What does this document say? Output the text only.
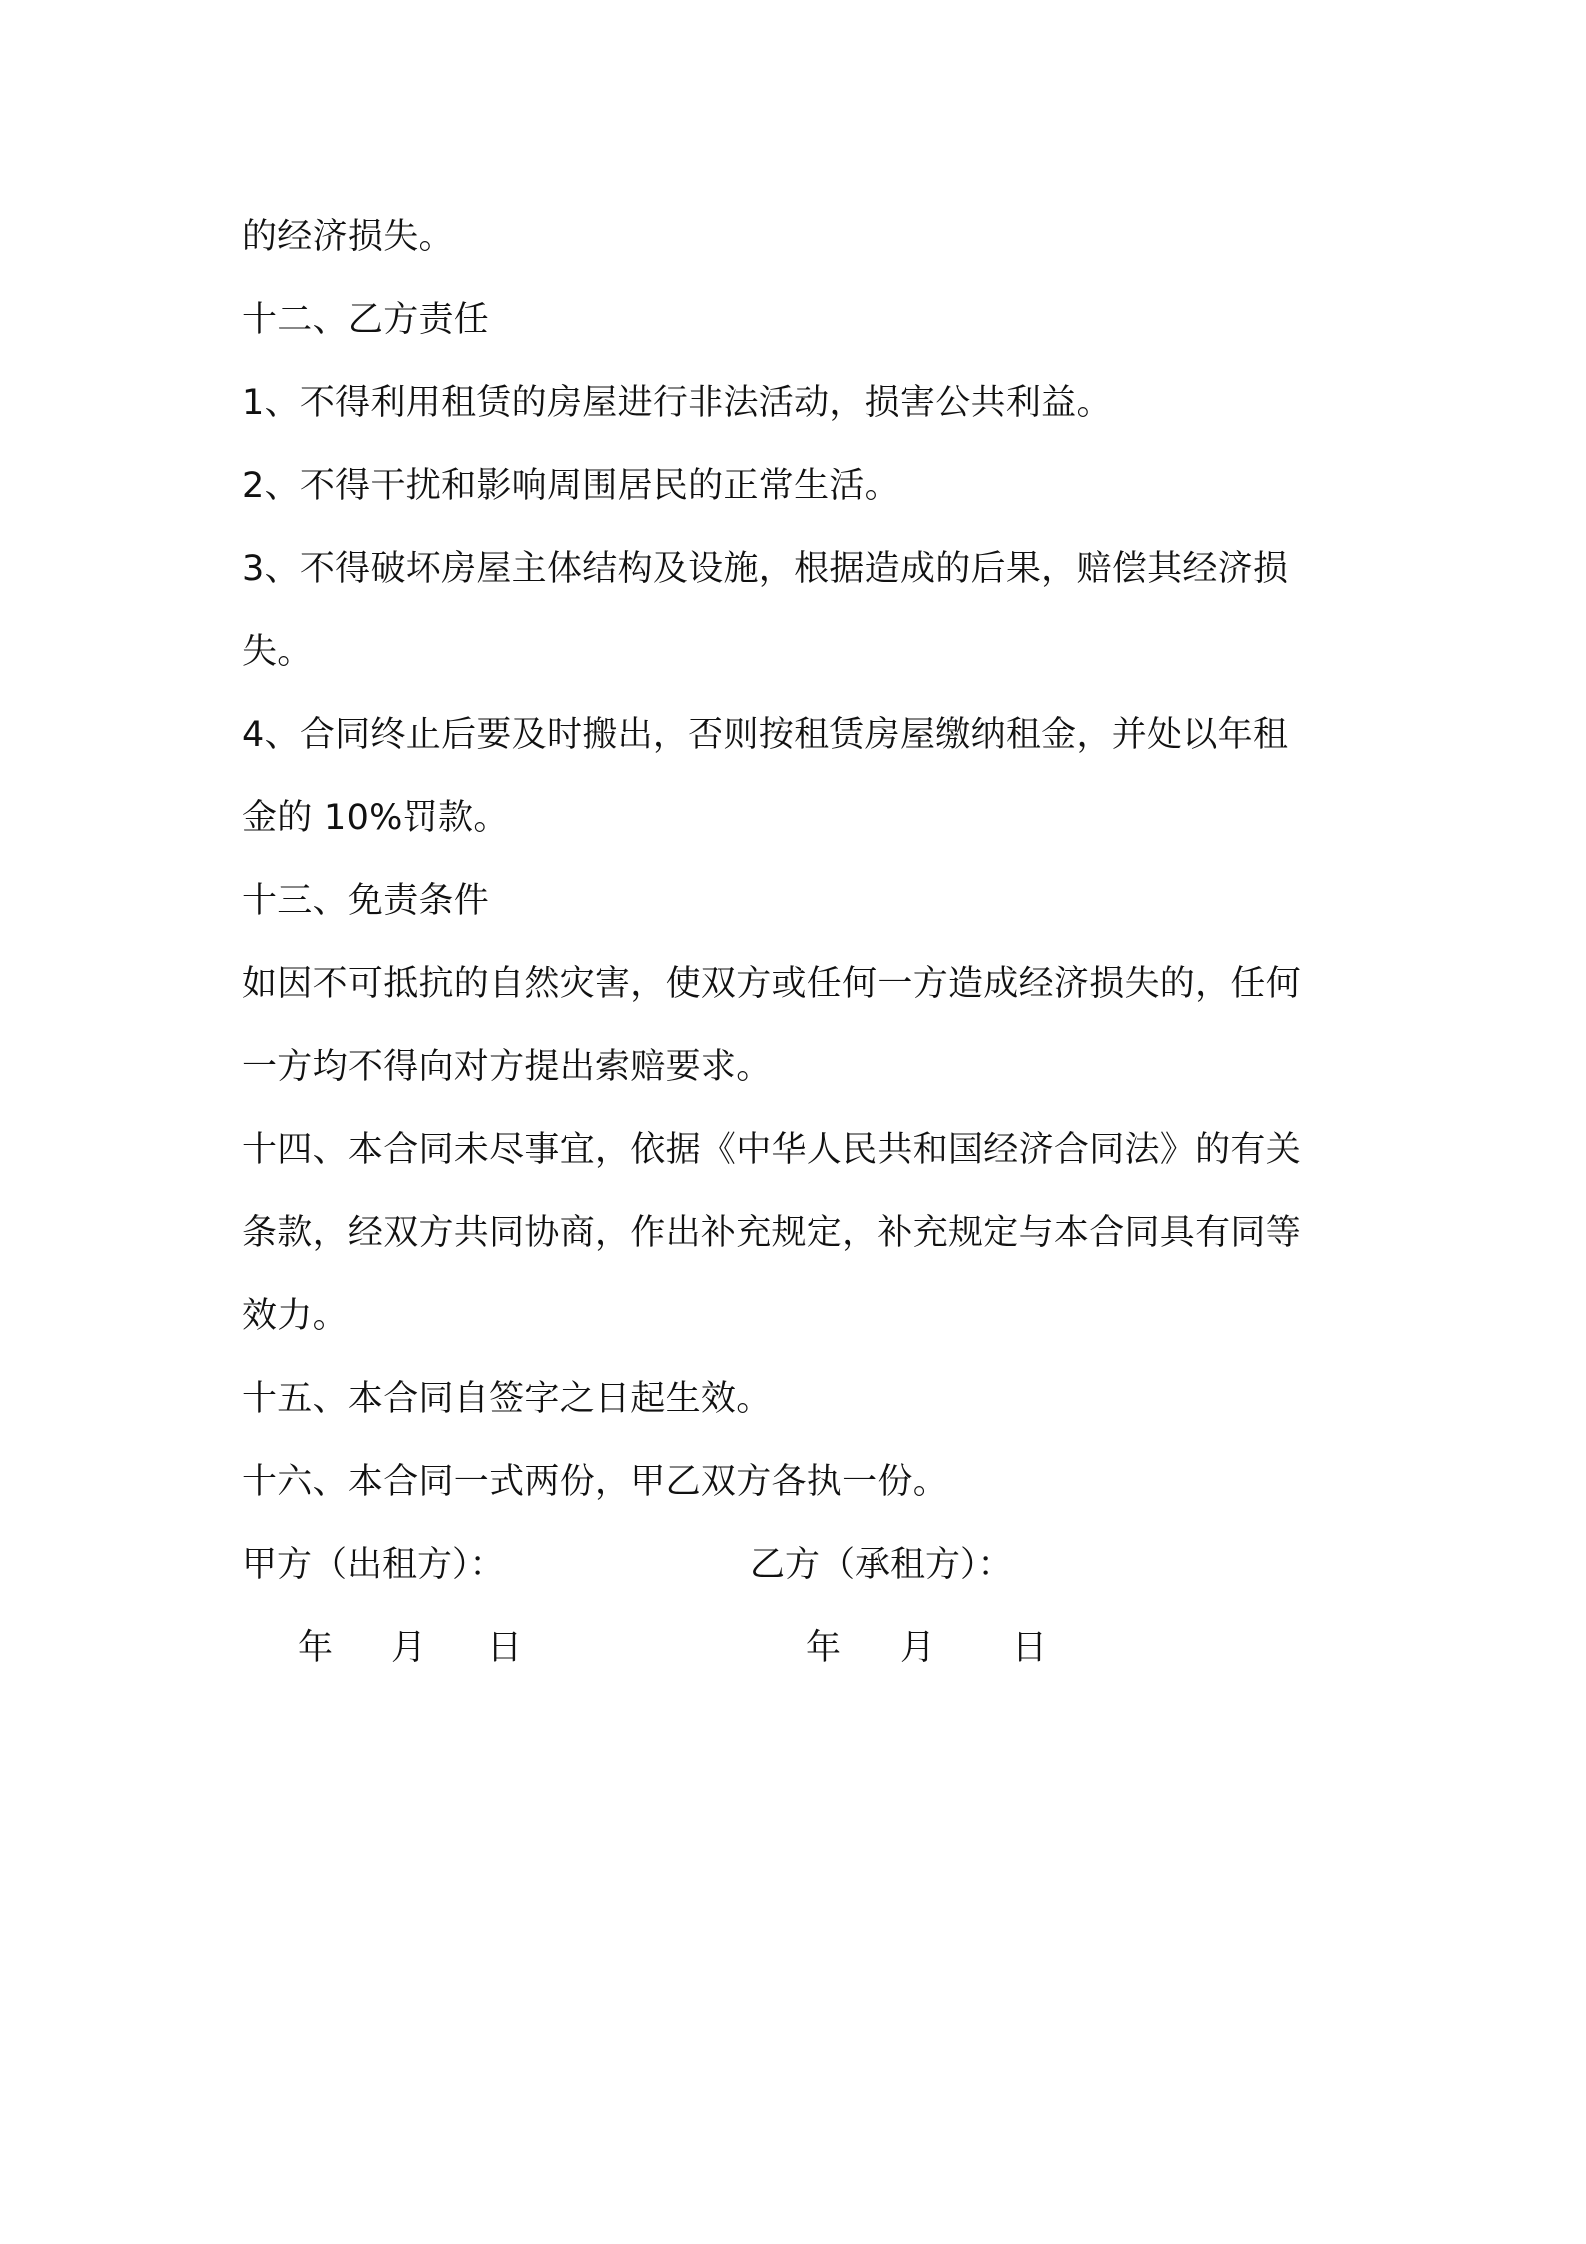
的经济损失。
十二、乙方责任
1、不得利用租赁的房屋进行非法活动，损害公共利益。
2、不得干扰和影响周围居民的正常生活。
3、不得破坏房屋主体结构及设施，根据造成的后果，赔偿其经济损
失。
4、合同终止后要及时搬出，否则按租赁房屋缴纳租金，并处以年租
金的 10%罚款。
十三、免责条件
如因不可抵抗的自然灾害，使双方或任何一方造成经济损失的，任何
一方均不得向对方提出索赔要求。
十四、本合同未尽事宜，依据《中华人民共和国经济合同法》的有关
条款，经双方共同协商，作出补充规定，补充规定与本合同具有同等
效力。
十五、本合同自签字之日起生效。
十六、本合同一式两份，甲乙双方各执一份。
甲方（出租方）：	乙方（承租方）：
年 月 日	年 月 日
